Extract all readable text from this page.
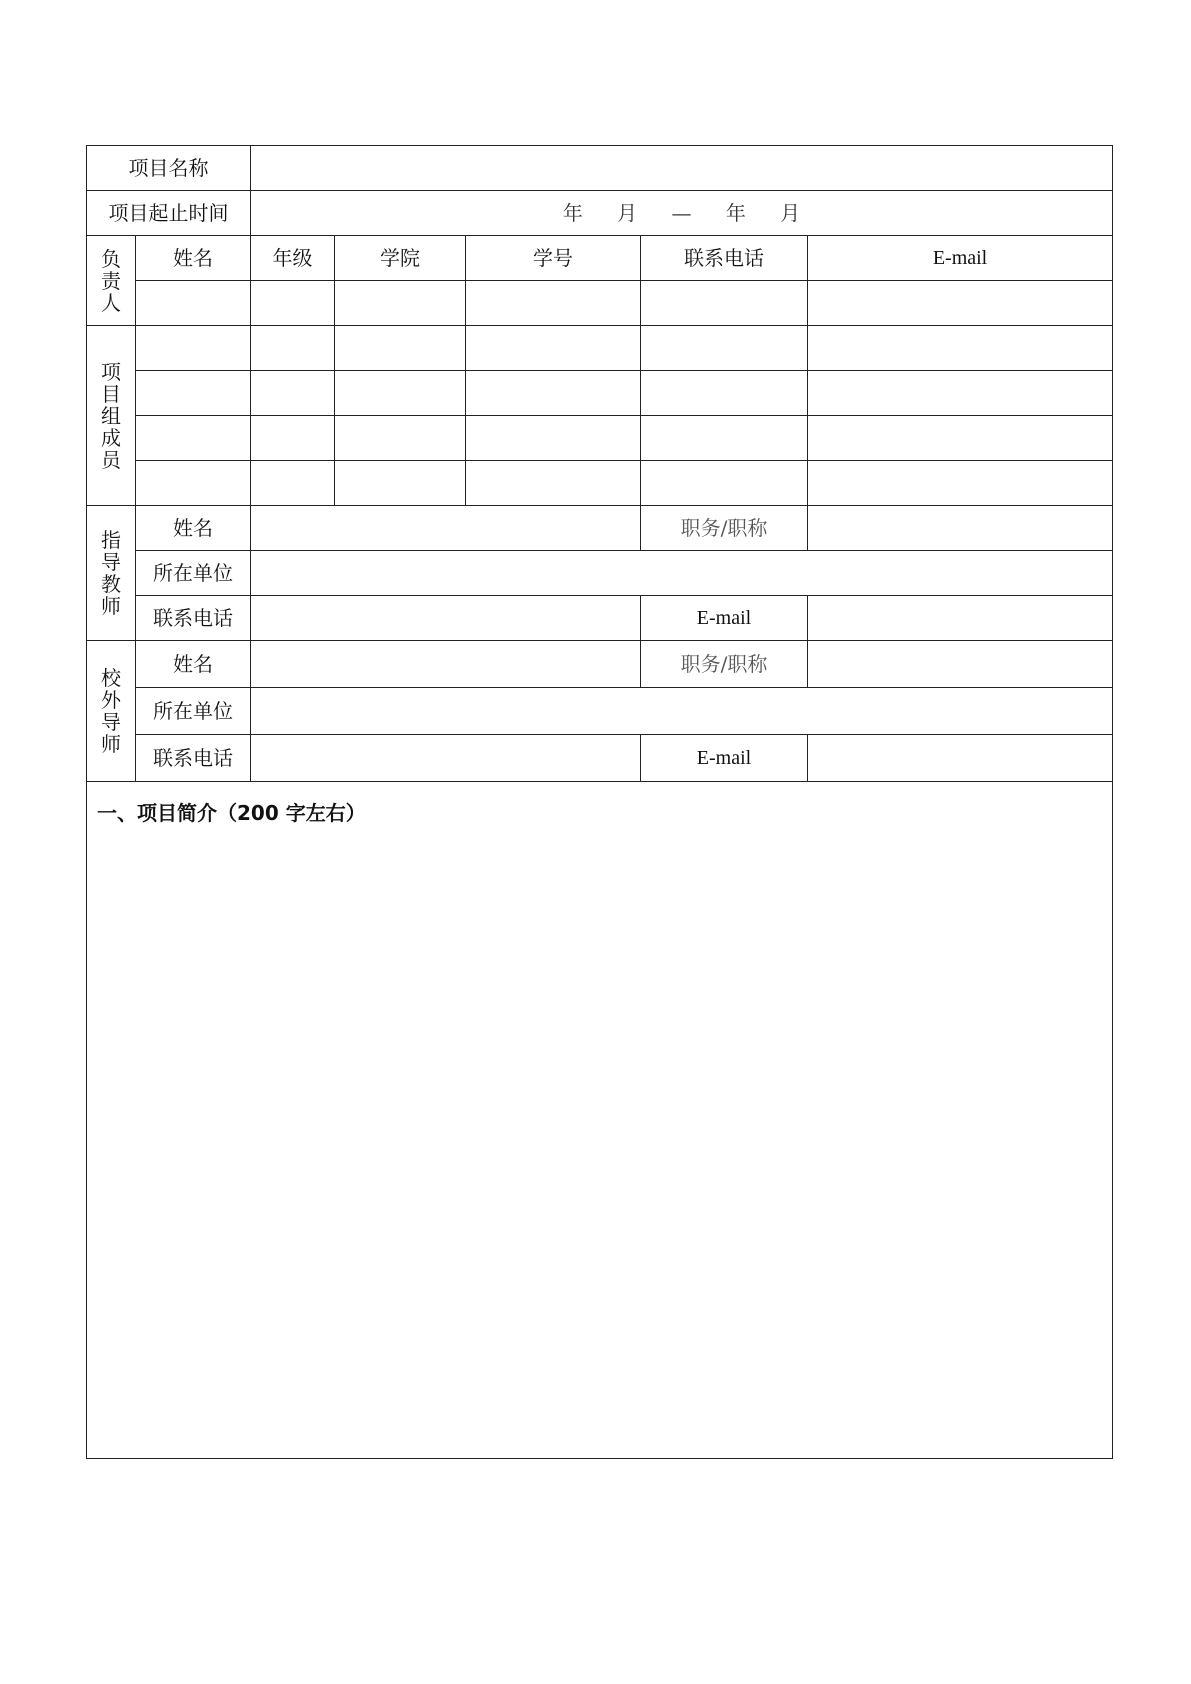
项目名称						
项目起止时间		年 月 — 年 月				

负
责
人	姓名	年级	学院	学号	联系电话	E-mail

项
目
组
成
员						

指
导
教
师	姓名				职务/职称	
	所在单位					
	联系电话				E-mail	

校
外
导
师	姓名				职务/职称	
	所在单位					
	联系电话				E-mail	

一、项目简介（200 字左右）						
